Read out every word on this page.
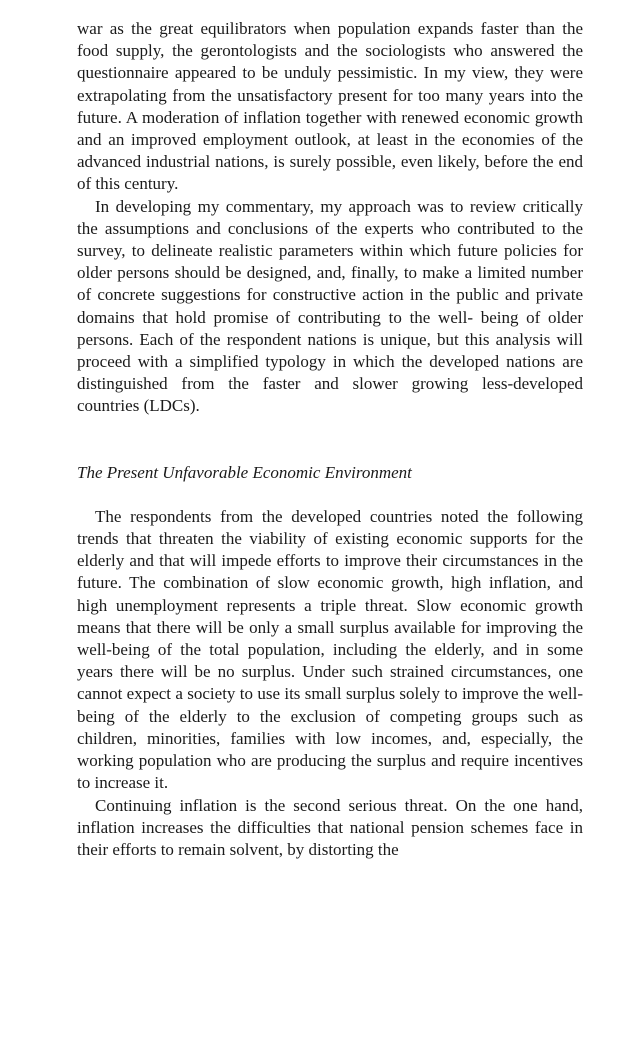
war as the great equilibrators when population expands faster than the food supply, the gerontologists and the sociologists who answered the questionnaire appeared to be unduly pessimistic. In my view, they were extrapolating from the unsatisfactory present for too many years into the future. A moderation of inflation together with renewed economic growth and an improved employment outlook, at least in the economies of the advanced industrial nations, is surely possible, even likely, before the end of this century.

In developing my commentary, my approach was to review critically the assumptions and conclusions of the experts who contributed to the survey, to delineate realistic parameters within which future policies for older persons should be designed, and, finally, to make a limited number of concrete suggestions for constructive action in the public and private domains that hold promise of contributing to the well- being of older persons. Each of the respondent nations is unique, but this analysis will proceed with a simplified typology in which the developed nations are distinguished from the faster and slower growing less-developed countries (LDCs).

The Present Unfavorable Economic Environment

The respondents from the developed countries noted the following trends that threaten the viability of existing economic supports for the elderly and that will impede efforts to improve their circumstances in the future. The combination of slow economic growth, high inflation, and high unemployment represents a triple threat. Slow economic growth means that there will be only a small surplus available for improving the well-being of the total population, including the elderly, and in some years there will be no surplus. Under such strained circumstances, one cannot expect a society to use its small surplus solely to improve the well-being of the elderly to the exclusion of competing groups such as children, minorities, families with low incomes, and, especially, the working population who are producing the surplus and require incentives to increase it.

Continuing inflation is the second serious threat. On the one hand, inflation increases the difficulties that national pension schemes face in their efforts to remain solvent, by distorting the
